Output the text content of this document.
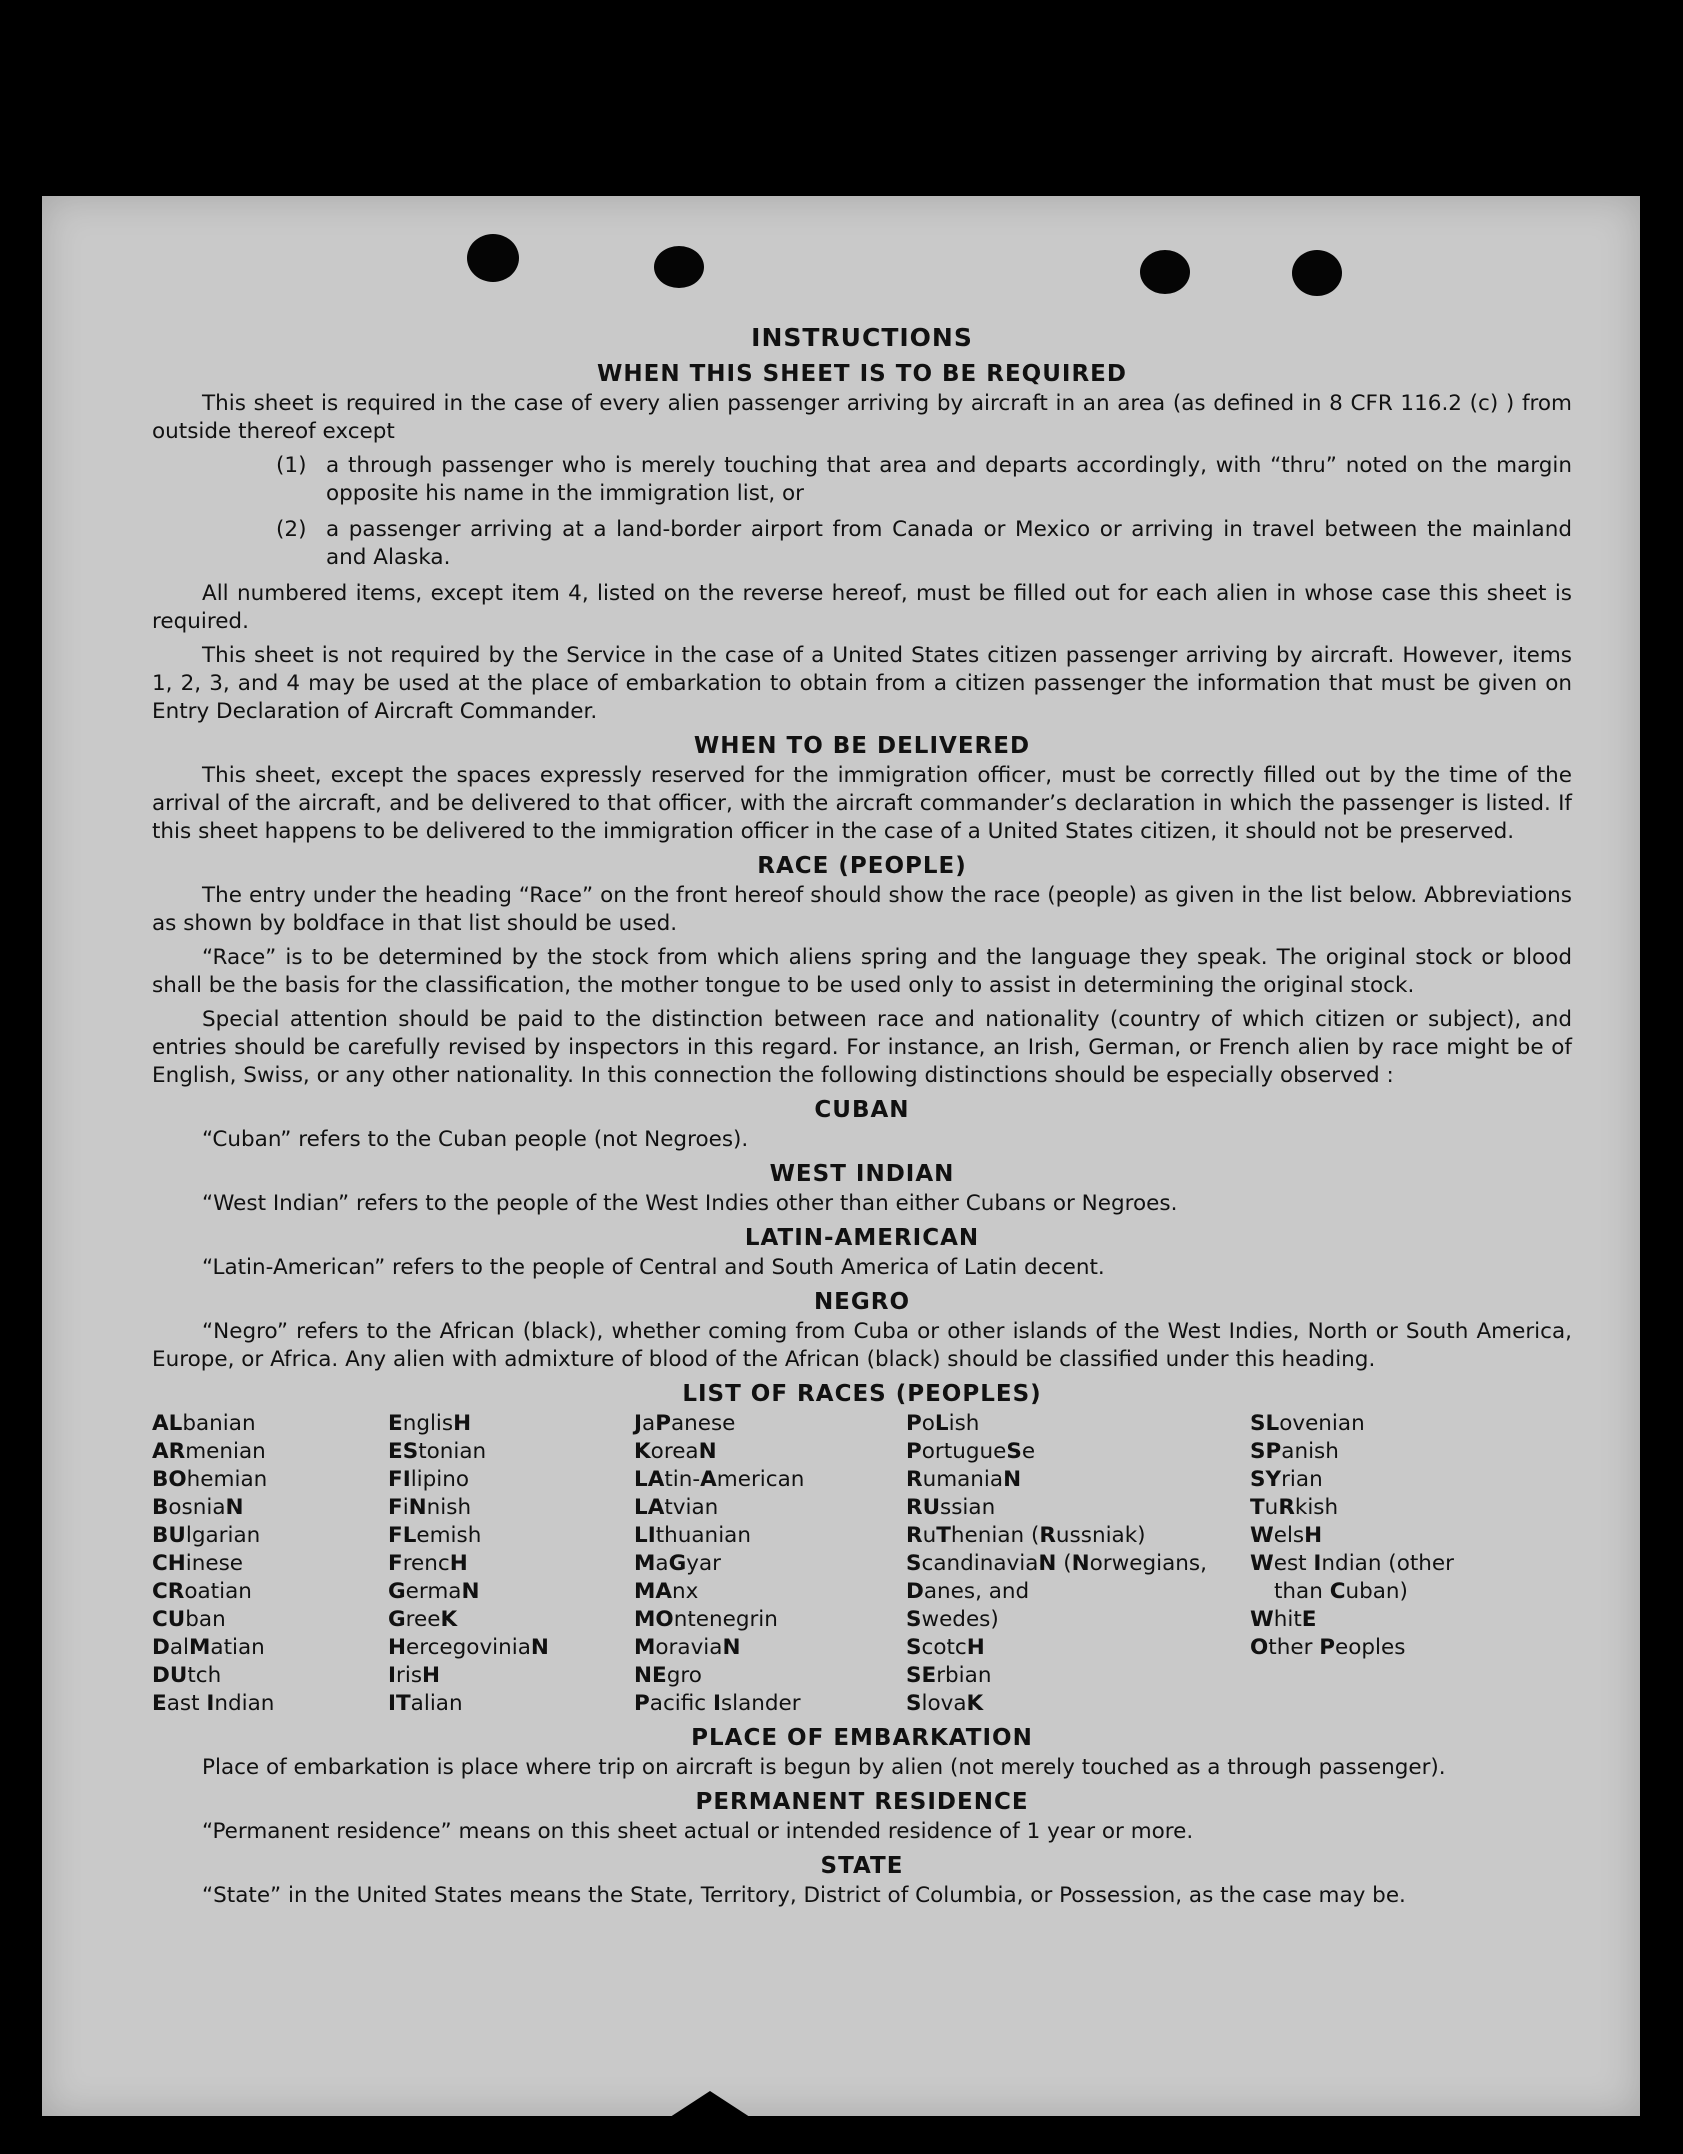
INSTRUCTIONS
WHEN THIS SHEET IS TO BE REQUIRED

This sheet is required in the case of every alien passenger arriving by aircraft in an area (as defined in 8 CFR 116.2 (c) ) from outside thereof except

(1) a through passenger who is merely touching that area and departs accordingly, with “thru” noted on the margin opposite his name in the immigration list, or
(2) a passenger arriving at a land-border airport from Canada or Mexico or arriving in travel between the mainland and Alaska.

All numbered items, except item 4, listed on the reverse hereof, must be filled out for each alien in whose case this sheet is required.

This sheet is not required by the Service in the case of a United States citizen passenger arriving by aircraft. However, items 1, 2, 3, and 4 may be used at the place of embarkation to obtain from a citizen passenger the information that must be given on Entry Declaration of Aircraft Commander.

WHEN TO BE DELIVERED

This sheet, except the spaces expressly reserved for the immigration officer, must be correctly filled out by the time of the arrival of the aircraft, and be delivered to that officer, with the aircraft commander’s declaration in which the passenger is listed. If this sheet happens to be delivered to the immigration officer in the case of a United States citizen, it should not be preserved.

RACE (PEOPLE)

The entry under the heading “Race” on the front hereof should show the race (people) as given in the list below. Abbreviations as shown by boldface in that list should be used.

“Race” is to be determined by the stock from which aliens spring and the language they speak. The original stock or blood shall be the basis for the classification, the mother tongue to be used only to assist in determining the original stock.

Special attention should be paid to the distinction between race and nationality (country of which citizen or subject), and entries should be carefully revised by inspectors in this regard. For instance, an Irish, German, or French alien by race might be of English, Swiss, or any other nationality. In this connection the following distinctions should be especially observed :

CUBAN
“Cuban” refers to the Cuban people (not Negroes).
WEST INDIAN
“West Indian” refers to the people of the West Indies other than either Cubans or Negroes.
LATIN-AMERICAN
“Latin-American” refers to the people of Central and South America of Latin decent.
NEGRO

“Negro” refers to the African (black), whether coming from Cuba or other islands of the West Indies, North or South America, Europe, or Africa. Any alien with admixture of blood of the African (black) should be classified under this heading.

LIST OF RACES (PEOPLES)
ALbanian
ARmenian
BOhemian
BosniaN
BUlgarian
CHinese
CRoatian
CUban
DalMatian
DUtch
East Indian
EnglisH
EStonian
FIlipino
FiNnish
FLemish
FrencH
GermaN
GreeK
HercegoviniaN
IrisH
ITalian
JaPanese
KoreaN
LAtin-American
LAtvian
LIthuanian
MaGyar
MAnx
MOntenegrin
MoraviaN
NEgro
Pacific Islander
PoLish
PortugueSe
RumaniaN
RUssian
RuThenian (Russniak)
ScandinaviaN (Norwegians,
Danes, and
Swedes)
ScotcH
SErbian
SlovaK
SLovenian
SPanish
SYrian
TuRkish
WelsH
West Indian (other
than Cuban)
WhitE
Other Peoples
PLACE OF EMBARKATION
Place of embarkation is place where trip on aircraft is begun by alien (not merely touched as a through passenger).
PERMANENT RESIDENCE
“Permanent residence” means on this sheet actual or intended residence of 1 year or more.
STATE
“State” in the United States means the State, Territory, District of Columbia, or Possession, as the case may be.
